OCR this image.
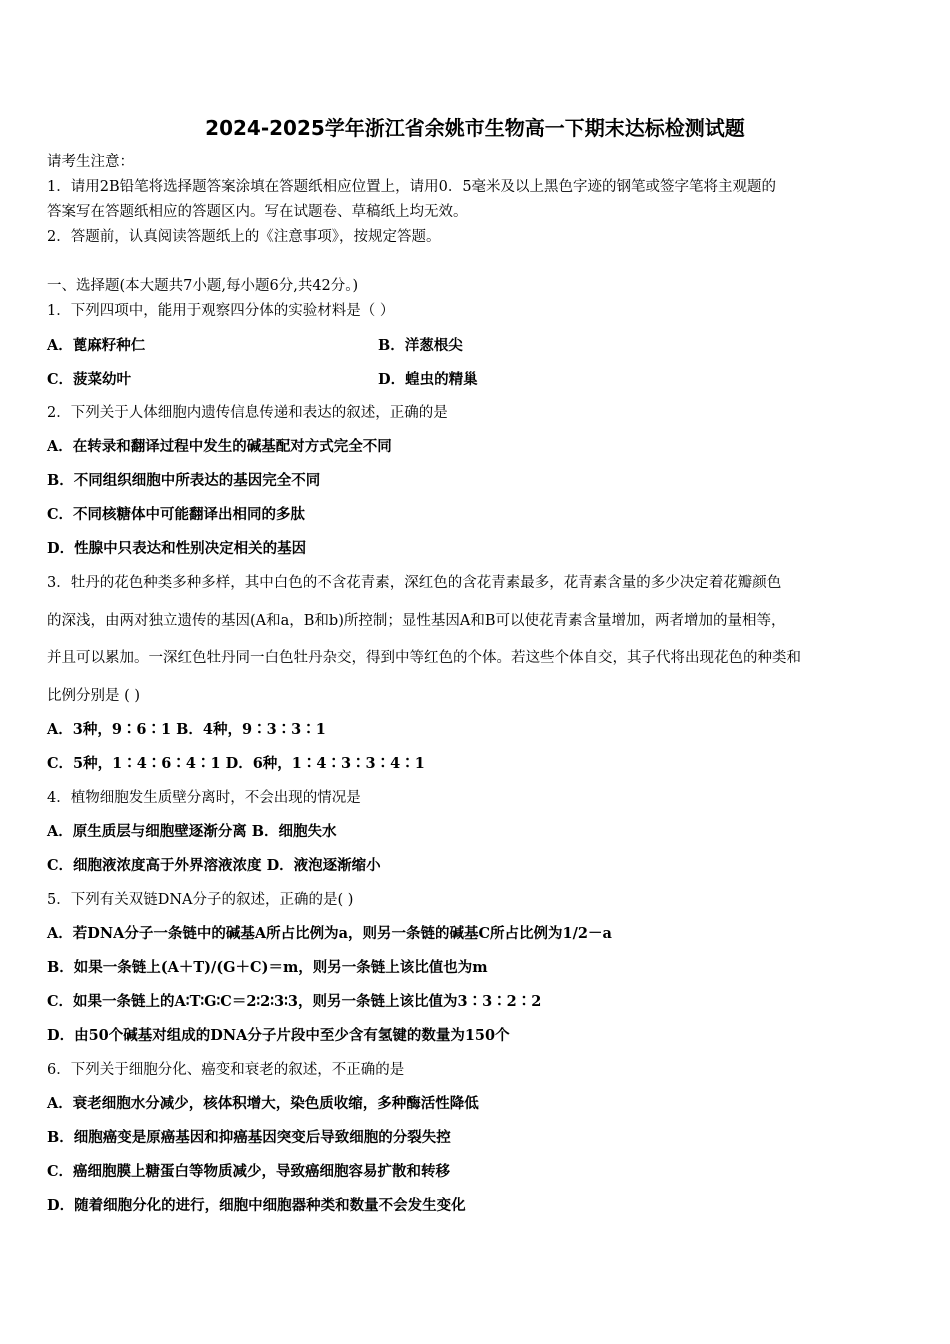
2024-2025学年浙江省余姚市生物高一下期末达标检测试题
请考生注意：
1．请用2B铅笔将选择题答案涂填在答题纸相应位置上，请用0．5毫米及以上黑色字迹的钢笔或签字笔将主观题的
答案写在答题纸相应的答题区内。写在试题卷、草稿纸上均无效。
2．答题前，认真阅读答题纸上的《注意事项》，按规定答题。
一、选择题(本大题共7小题,每小题6分,共42分。)
1．下列四项中，能用于观察四分体的实验材料是（ ）
A．蓖麻籽种仁	B．洋葱根尖
C．菠菜幼叶	D．蝗虫的精巢
2．下列关于人体细胞内遗传信息传递和表达的叙述，正确的是
A．在转录和翻译过程中发生的碱基配对方式完全不同
B．不同组织细胞中所表达的基因完全不同
C．不同核糖体中可能翻译出相同的多肽
D．性腺中只表达和性别决定相关的基因
3．牡丹的花色种类多种多样，其中白色的不含花青素，深红色的含花青素最多，花青素含量的多少决定着花瓣颜色
的深浅，由两对独立遗传的基因(A和a，B和b)所控制；显性基因A和B可以使花青素含量增加，两者增加的量相等，
并且可以累加。一深红色牡丹同一白色牡丹杂交，得到中等红色的个体。若这些个体自交，其子代将出现花色的种类和
比例分别是 ( )
A．3种，9∶6∶1 B．4种，9∶3∶3∶1
C．5种，1∶4∶6∶4∶1 D．6种，1∶4∶3∶3∶4∶1
4．植物细胞发生质壁分离时，不会出现的情况是
A．原生质层与细胞壁逐渐分离 B．细胞失水
C．细胞液浓度高于外界溶液浓度 D．液泡逐渐缩小
5．下列有关双链DNA分子的叙述，正确的是( )
A．若DNA分子一条链中的碱基A所占比例为a，则另一条链的碱基C所占比例为1/2－a
B．如果一条链上(A＋T)/(G＋C)＝m，则另一条链上该比值也为m
C．如果一条链上的A∶T∶G∶C＝2∶2∶3∶3，则另一条链上该比值为3∶3∶2∶2
D．由50个碱基对组成的DNA分子片段中至少含有氢键的数量为150个
6．下列关于细胞分化、癌变和衰老的叙述，不正确的是
A．衰老细胞水分减少，核体积增大，染色质收缩，多种酶活性降低
B．细胞癌变是原癌基因和抑癌基因突变后导致细胞的分裂失控
C．癌细胞膜上糖蛋白等物质减少，导致癌细胞容易扩散和转移
D．随着细胞分化的进行，细胞中细胞器种类和数量不会发生变化
